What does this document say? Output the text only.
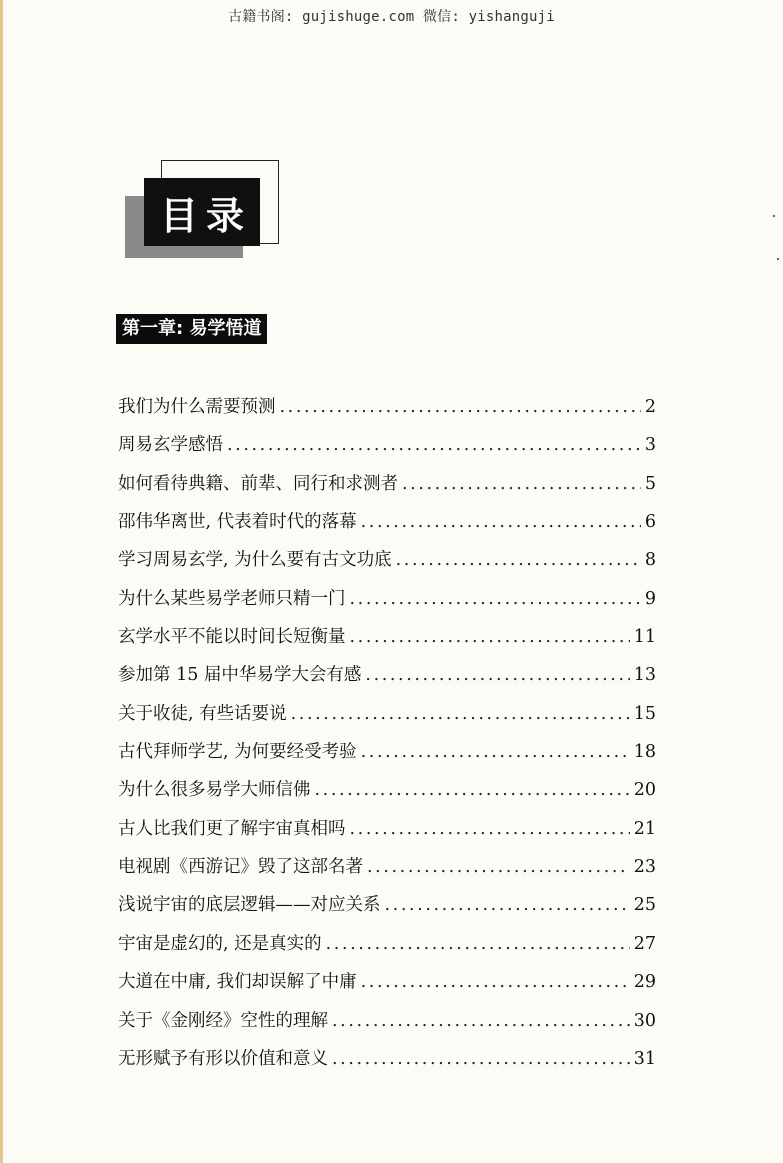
古籍书阁: gujishuge.com 微信: yishanguji
目录
第一章: 易学悟道
我们为什么需要预测 .....	2
周易玄学感悟 .....	3
如何看待典籍、前辈、同行和求测者 .....	5
邵伟华离世, 代表着时代的落幕 .....	6
学习周易玄学, 为什么要有古文功底 .....	8
为什么某些易学老师只精一门 .....	9
玄学水平不能以时间长短衡量 .....	11
参加第 15 届中华易学大会有感 .....	13
关于收徒, 有些话要说 .....	15
古代拜师学艺, 为何要经受考验 .....	18
为什么很多易学大师信佛 .....	20
古人比我们更了解宇宙真相吗 .....	21
电视剧《西游记》毁了这部名著 .....	23
浅说宇宙的底层逻辑——对应关系 .....	25
宇宙是虚幻的, 还是真实的 .....	27
大道在中庸, 我们却误解了中庸 .....	29
关于《金刚经》空性的理解 .....	30
无形赋予有形以价值和意义 .....	31
